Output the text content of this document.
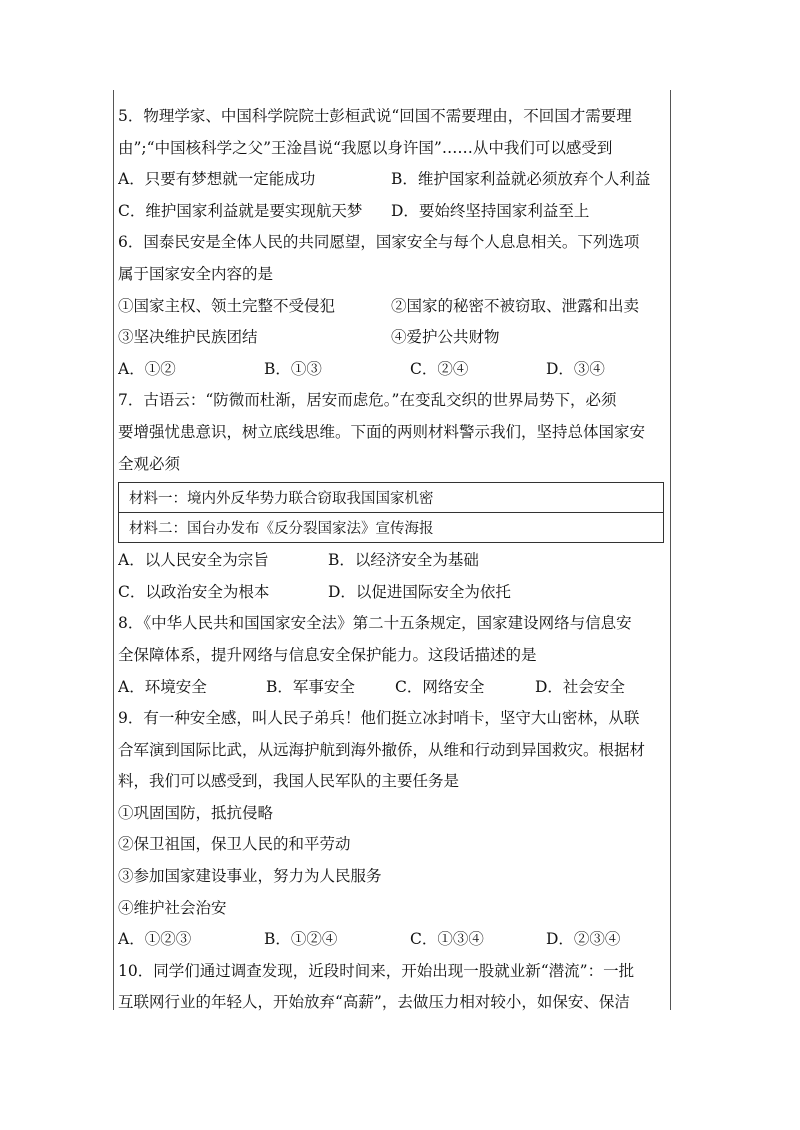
5．物理学家、中国科学院院士彭桓武说“回国不需要理由，不回国才需要理
由”;“中国核科学之父”王淦昌说“我愿以身许国”……从中我们可以感受到
A．只要有梦想就一定能成功	B．维护国家利益就必须放弃个人利益
C．维护国家利益就是要实现航天梦	D．要始终坚持国家利益至上
6．国泰民安是全体人民的共同愿望，国家安全与每个人息息相关。下列选项
属于国家安全内容的是
①国家主权、领土完整不受侵犯	②国家的秘密不被窃取、泄露和出卖
③坚决维护民族团结	④爱护公共财物
A．①②	B．①③	C．②④	D．③④
7．古语云：“防微而杜渐，居安而虑危。”在变乱交织的世界局势下，必须
要增强忧患意识，树立底线思维。下面的两则材料警示我们，坚持总体国家安
全观必须
材料一：境内外反华势力联合窃取我国国家机密
材料二：国台办发布《反分裂国家法》宣传海报
A．以人民安全为宗旨	B．以经济安全为基础
C．以政治安全为根本	D．以促进国际安全为依托
8．《中华人民共和国国家安全法》第二十五条规定，国家建设网络与信息安
全保障体系，提升网络与信息安全保护能力。这段话描述的是
A．环境安全	B．军事安全	C．网络安全	D．社会安全
9．有一种安全感，叫人民子弟兵！他们挺立冰封哨卡，坚守大山密林，从联
合军演到国际比武，从远海护航到海外撤侨，从维和行动到异国救灾。根据材
料，我们可以感受到，我国人民军队的主要任务是
①巩固国防，抵抗侵略
②保卫祖国，保卫人民的和平劳动
③参加国家建设事业，努力为人民服务
④维护社会治安
A．①②③	B．①②④	C．①③④	D．②③④
10．同学们通过调查发现，近段时间来，开始出现一股就业新“潜流”：一批
互联网行业的年轻人，开始放弃“高薪”，去做压力相对较小，如保安、保洁
